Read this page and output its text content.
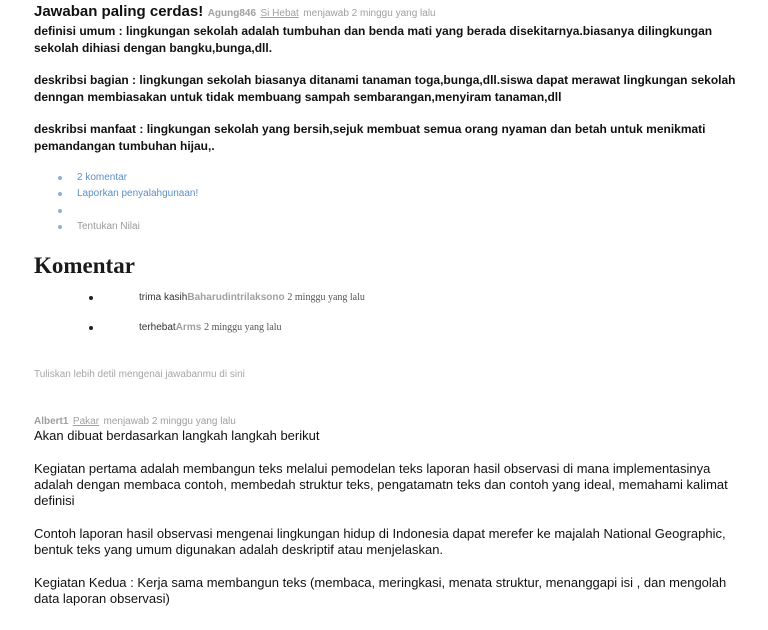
Jawaban paling cerdas! Agung846 Si Hebat menjawab 2 minggu yang lalu

definisi umum : lingkungan sekolah adalah tumbuhan dan benda mati yang berada disekitarnya.biasanya dilingkungan sekolah dihiasi dengan bangku,bunga,dll.

deskribsi bagian : lingkungan sekolah biasanya ditanami tanaman toga,bunga,dll.siswa dapat merawat lingkungan sekolah denngan membiasakan untuk tidak membuang sampah sembarangan,menyiram tanaman,dll

deskribsi manfaat : lingkungan sekolah yang bersih,sejuk membuat semua orang nyaman dan betah untuk menikmati pemandangan tumbuhan hijau,.

2 komentar
Laporkan penyalahgunaan!
Tentukan Nilai
Komentar
trima kasihBaharudintrilaksono 2 minggu yang lalu
terhebatArms 2 minggu yang lalu
Tuliskan lebih detil mengenai jawabanmu di sini
Albert1 Pakar menjawab 2 minggu yang lalu

Akan dibuat berdasarkan langkah langkah berikut

Kegiatan pertama adalah membangun teks melalui pemodelan teks laporan hasil observasi di mana implementasinya adalah dengan membaca contoh, membedah struktur teks, pengatamatn teks dan contoh yang ideal, memahami kalimat definisi

Contoh laporan hasil observasi mengenai lingkungan hidup di Indonesia dapat merefer ke majalah National Geographic, bentuk teks yang umum digunakan adalah deskriptif atau menjelaskan.

Kegiatan Kedua : Kerja sama membangun teks (membaca, meringkasi, menata struktur, menanggapi isi , dan mengolah data laporan observasi)
